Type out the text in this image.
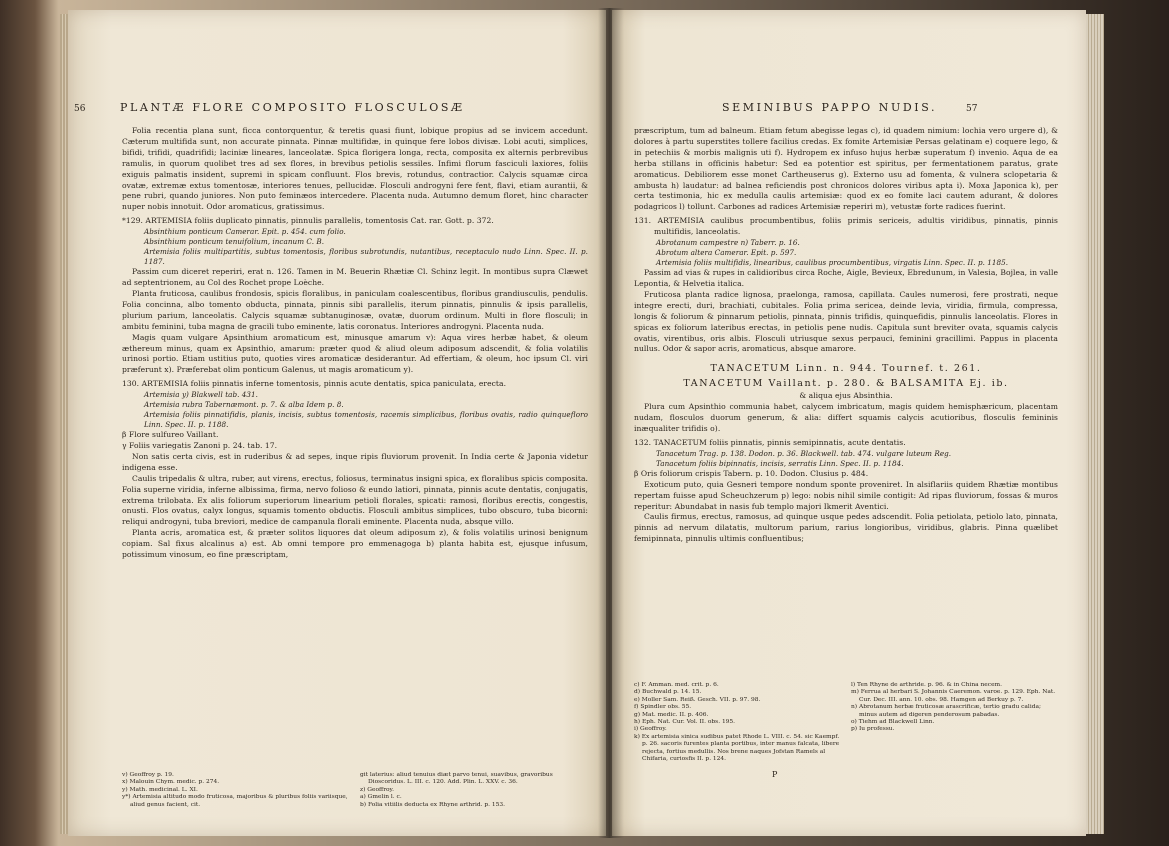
56	PLANTÆ FLORE COMPOSITO FLOSCULOSÆ

Folia recentia plana sunt, ficca contorquentur, & teretis quasi fiunt, lobique propius ad se invicem accedunt. Cæterum multifida sunt, non accurate pinnata. Pinnæ multifidæ, in quinque fere lobos divisæ. Lobi acuti, simplices, bifidi, trifidi, quadrifidi; laciniæ lineares, lanceolatæ. Spica florigera longa, recta, composita ex alternis perbrevibus ramulis, in quorum quolibet tres ad sex flores, in brevibus petiolis sessiles. Infimi florum fasciculi laxiores, foliis exiguis palmatis insident, supremi in spicam confluunt. Flos brevis, rotundus, contractior. Calycis squamæ circa ovatæ, extremæ extus tomentosæ, interiores tenues, pellucidæ. Flosculi androgyni fere fent, flavi, etiam aurantii, & pene rubri, quando juniores. Non puto feminæos intercedere. Placenta nuda. Autumno demum floret, hinc character nuper nobis innotuit. Odor aromaticus, gratissimus.

*129. ARTEMISIA foliis duplicato pinnatis, pinnulis parallelis, tomentosis Cat. rar. Gott. p. 372.

Absinthium ponticum Camerar. Epit. p. 454. cum folio.

Absinthium ponticum tenuifolium, incanum C. B.

Artemisia foliis multipartitis, subtus tomentosis, floribus subrotundis, nutantibus, receptaculo nudo Linn. Spec. II. p. 1187.

Passim cum diceret reperiri, erat n. 126. Tamen in M. Beuerin Rhætiæ Cl. Schinz legit. In montibus supra Clæwet ad septentrionem, au Col des Rochet prope Loèche.

Planta fruticosa, caulibus frondosis, spicis floralibus, in paniculam coalescentibus, floribus grandiusculis, pendulis. Folia concinna, albo tomento obducta, pinnata, pinnis sibi parallelis, iterum pinnatis, pinnulis & ipsis parallelis, plurium parium, lanceolatis. Calycis squamæ subtanuginosæ, ovatæ, duorum ordinum. Multi in flore flosculi; in ambitu feminini, tuba magna de gracili tubo eminente, latis coronatus. Interiores androgyni. Placenta nuda.

Magis quam vulgare Apsinthium aromaticum est, minusque amarum v): Aqua vires herbæ habet, & oleum æthereum minus, quam ex Apsinthio, amarum: præter quod & aliud oleum adiposum adscendit, & folia volatilis urinosi portio. Etiam ustitius puto, quoties vires aromaticæ desiderantur. Ad effertiam, & oleum, hoc ipsum Cl. viri præferunt x). Præferebat olim ponticum Galenus, ut magis aromaticum y).

130. ARTEMISIA foliis pinnatis inferne tomentosis, pinnis acute dentatis, spica paniculata, erecta.

Artemisia y) Blakwell tab. 431.

Artemisia rubra Tabernæmont. p. 7. & alba Idem p. 8.

Artemisia foliis pinnatifidis, planis, incisis, subtus tomentosis, racemis simplicibus, floribus ovatis, radio quinquefloro Linn. Spec. II. p. 1188.

β Flore sulfureo Vaillant.

γ Foliis variegatis Zanoni p. 24. tab. 17.

Non satis certa civis, est in ruderibus & ad sepes, inque ripis fluviorum provenit. In India certe & Japonia videtur indigena esse.

Caulis tripedalis & ultra, ruber, aut virens, erectus, foliosus, terminatus insigni spica, ex floralibus spicis composita. Folia superne viridia, inferne albissima, firma, nervo folioso & eundo latiori, pinnata, pinnis acute dentatis, conjugatis, extrema trilobata. Ex alis foliorum superiorum linearium petioli florales, spicati: ramosi, floribus erectis, congestis, onusti. Flos ovatus, calyx longus, squamis tomento obductis. Flosculi ambitus simplices, tubo obscuro, tuba bicorni: reliqui androgyni, tuba breviori, medice de campanula florali eminente. Placenta nuda, absque villo.

Planta acris, aromatica est, & præter solitos liquores dat oleum adiposum z), & folis volatilis urinosi benignum copiam. Sal fixus alcalinus a) est. Ab omni tempore pro emmenagoga b) planta habita est, ejusque infusum, potissimum vinosum, eo fine præscriptam,

v) Geoffroy p. 19.
x) Malouin Chym. medic. p. 274.
y) Math. medicinal. L. XI.
y*) Artemisia altitudo modo fruticosa, majoribus & pluribus foliis variisque, aliud genus facient, cit.
git laterius: aliud tenuius diæt parvo tenui, suavibus, gravoribus Dioscoridus. L. III. c. 120. Add. Plin. L. XXV. c. 36.
z) Geoffroy.
a) Gmelin l. c.
b) Folia vitiilis deducta ex Rhyne arthrid. p. 153.
SEMINIBUS PAPPO NUDIS.	57

præscriptum, tum ad balneum. Etiam fetum abegisse legas c), id quadem nimium: lochia vero urgere d), & dolores à partu superstites tollere facilius credas. Ex fomite Artemisiæ Persas gelatinam e) coquere lego, & in petechiis & morbis malignis uti f). Hydropem ex infuso hujus herbæ superatum f) invenio. Aqua de ea herba stillans in officinis habetur: Sed ea potentior est spiritus, per fermentationem paratus, grate aromaticus. Debiliorem esse monet Cartheuserus g). Externo usu ad fomenta, & vulnera sclopetaria & ambusta h) laudatur: ad balnea reficiendis post chronicos dolores viribus apta i). Moxa Japonica k), per certa testimonia, hic ex medulla caulis artemisiæ: quod ex eo fomite laci cautem adurant, & dolores podagricos l) tollunt. Carbones ad radices Artemisiæ reperiri m), vetustæ forte radices fuerint.

131. ARTEMISIA caulibus procumbentibus, foliis primis sericeis, adultis viridibus, pinnatis, pinnis multifidis, lanceolatis.

Abrotanum campestre n) Taberr. p. 16.

Abrotum altera Camerar. Epit. p. 597.

Artemisia foliis multifidis, linearibus, caulibus procumbentibus, virgatis Linn. Spec. II. p. 1185.

Passim ad vias & rupes in calidioribus circa Roche, Aigle, Bevieux, Ebredunum, in Valesia, Bojlea, in valle Lepontia, & Helvetia italica.

Fruticosa planta radice lignosa, praelonga, ramosa, capillata. Caules numerosi, fere prostrati, neque integre erecti, duri, brachiati, cubitales. Folia prima sericea, deinde levia, viridia, firmula, compressa, longis & foliorum & pinnarum petiolis, pinnata, pinnis trifidis, quinquefidis, pinnulis lanceolatis. Flores in spicas ex foliorum lateribus erectas, in petiolis pene nudis. Capitula sunt breviter ovata, squamis calycis ovatis, virentibus, oris albis. Flosculi utriusque sexus perpauci, feminini gracillimi. Pappus in placenta nullus. Odor & sapor acris, aromaticus, absque amarore.

TANACETUM Linn. n. 944. Tournef. t. 261.

TANACETUM Vaillant. p. 280. & BALSAMITA Ej. ib.

& aliqua ejus Absinthia.

Plura cum Apsinthio communia habet, calycem imbricatum, magis quidem hemisphæricum, placentam nudam, flosculos duorum generum, & alia: differt squamis calycis acutioribus, flosculis femininis inæqualiter trifidis o).

132. TANACETUM foliis pinnatis, pinnis semipinnatis, acute dentatis.

Tanacetum Trag. p. 138. Dodon. p. 36. Blackwell. tab. 474. vulgare luteum Reg.

Tanacetum foliis bipinnatis, incisis, serratis Linn. Spec. II. p. 1184.

β Oris foliorum crispis Tabern. p. 10. Dodon. Clusius p. 484.

Exoticum puto, quia Gesneri tempore nondum sponte proveniret. In alsiflariis quidem Rhætiæ montibus repertam fuisse apud Scheuchzerum p) lego: nobis nihil simile contigit: Ad ripas fluviorum, fossas & muros reperitur: Abundabat in nasis fub templo majori Ikmerit Aventici.

Caulis firmus, erectus, ramosus, ad quinque usque pedes adscendit. Folia petiolata, petiolo lato, pinnata, pinnis ad nervum dilatatis, multorum parium, rarius longioribus, viridibus, glabris. Pinna quælibet femipinnata, pinnulis ultimis confluentibus;

c) F. Amman. med. crit. p. 6.
d) Buchwald p. 14. 15.
e) Moller Sam. Reiß. Gesch. VII. p. 97. 98.
f) Spindler obs. 55.
g) Mat. medic. II. p. 406.
h) Eph. Nat. Cur. Vol. II. obs. 195.
i) Geoffroy.
k) Ex artemisia sinica sudibus patet Rhode L. VIII. c. 54. sic Kaempf. p. 26. sacoris furentes planta portibus, inter manus falcata, libere rejecta, fortius medullis. Nos brene naques Jofstan Ramels al Chifaria, curiosfis II. p. 124.
l) Ten Rhyne de arthride. p. 96. & in China necem.
m) Ferrua al herbari S. Johannis Caeremon. varoe. p. 129. Eph. Nat. Cur. Dec. III. ann. 10. obs. 98. Hamgen ad Berkuy p. 7.
n) Abrotanum herbæ fruticosæ arascrificæ, tertio gradu calida; minus autem ad digeren penderosum pabadas.
o) Tiehm ad Blackwell Linn.
p) Iu professu.
P
